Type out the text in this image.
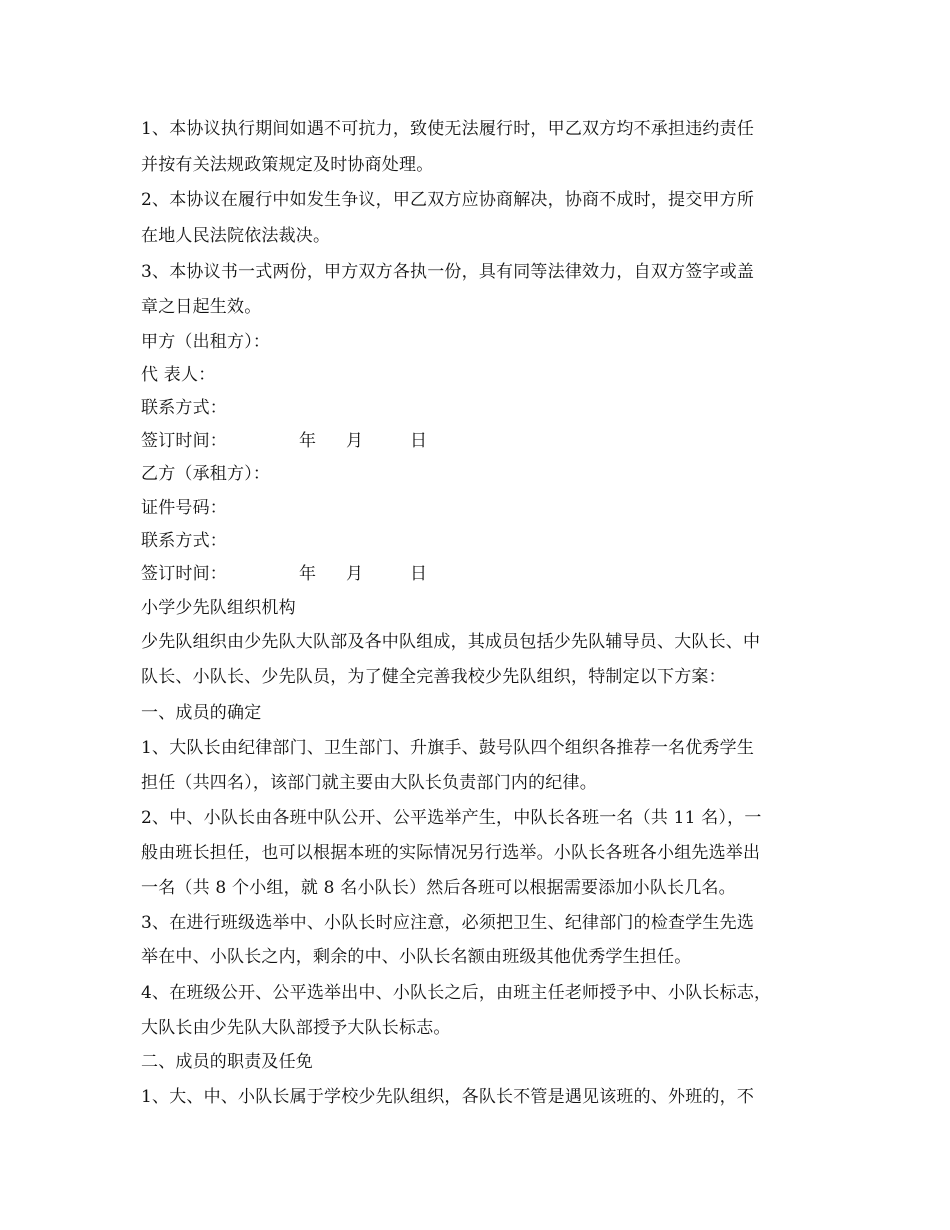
1、本协议执行期间如遇不可抗力，致使无法履行时，甲乙双方均不承担违约责任
并按有关法规政策规定及时协商处理。
2、本协议在履行中如发生争议，甲乙双方应协商解决，协商不成时，提交甲方所
在地人民法院依法裁决。
3、本协议书一式两份，甲方双方各执一份，具有同等法律效力，自双方签字或盖
章之日起生效。
甲方（出租方）：
代 表人：
联系方式：
签订时间：	年 月	日
乙方（承租方）：
证件号码：
联系方式：
签订时间：	年 月	日
小学少先队组织机构
少先队组织由少先队大队部及各中队组成，其成员包括少先队辅导员、大队长、中
队长、小队长、少先队员，为了健全完善我校少先队组织，特制定以下方案：
一、成员的确定
1、大队长由纪律部门、卫生部门、升旗手、鼓号队四个组织各推荐一名优秀学生
担任（共四名），该部门就主要由大队长负责部门内的纪律。
2、中、小队长由各班中队公开、公平选举产生，中队长各班一名（共 11 名），一
般由班长担任，也可以根据本班的实际情况另行选举。小队长各班各小组先选举出
一名（共 8 个小组，就 8 名小队长）然后各班可以根据需要添加小队长几名。
3、在进行班级选举中、小队长时应注意，必须把卫生、纪律部门的检查学生先选
举在中、小队长之内，剩余的中、小队长名额由班级其他优秀学生担任。
4、在班级公开、公平选举出中、小队长之后，由班主任老师授予中、小队长标志，
大队长由少先队大队部授予大队长标志。
二、成员的职责及任免
1、大、中、小队长属于学校少先队组织，各队长不管是遇见该班的、外班的，不
